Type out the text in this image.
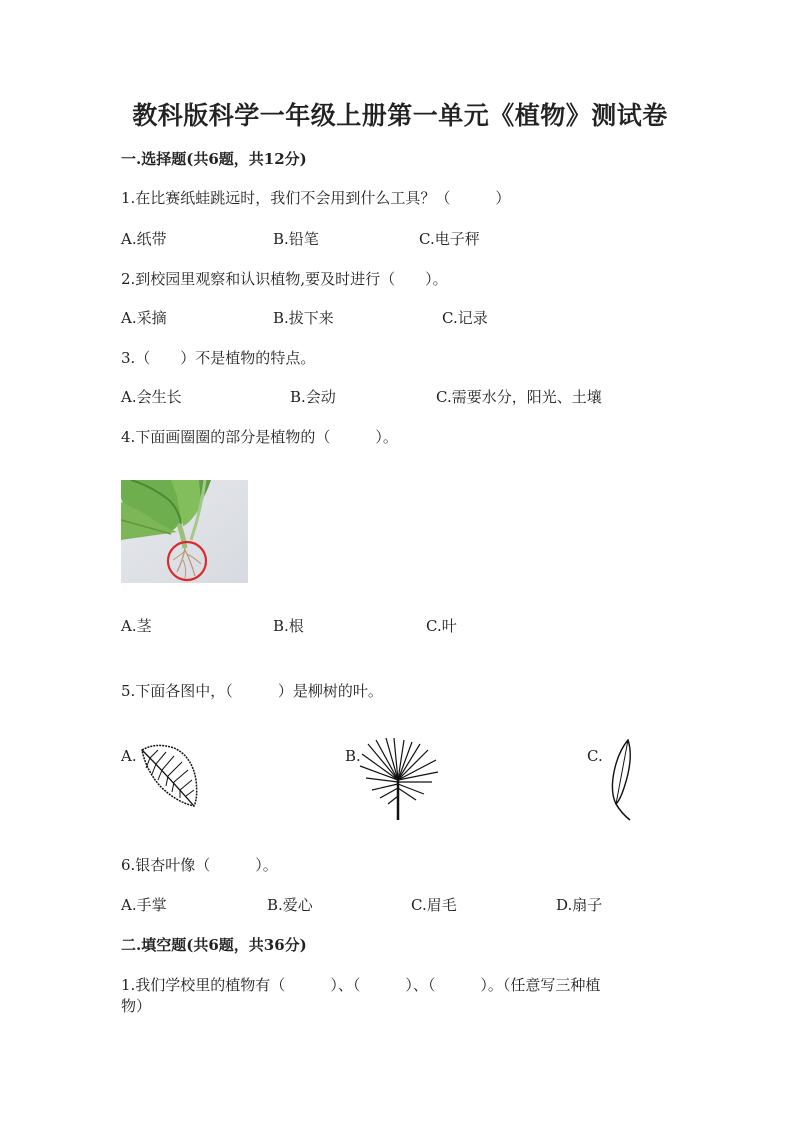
教科版科学一年级上册第一单元《植物》测试卷
一.选择题(共6题，共12分)
1.在比赛纸蛙跳远时，我们不会用到什么工具？（　　　）
A.纸带	B.铅笔	C.电子秤
2.到校园里观察和认识植物,要及时进行（　　）。
A.采摘	B.拔下来	C.记录
3.（　　）不是植物的特点。
A.会生长	B.会动	C.需要水分，阳光、土壤
4.下面画圈圈的部分是植物的（　　　）。
A.茎	B.根	C.叶
5.下面各图中，（　　　）是柳树的叶。
A.	B.	C.
6.银杏叶像（　　　）。
A.手掌	B.爱心	C.眉毛	D.扇子
二.填空题(共6题，共36分)
1.我们学校里的植物有（　　　）、（　　　）、（　　　）。（任意写三种植
物）
